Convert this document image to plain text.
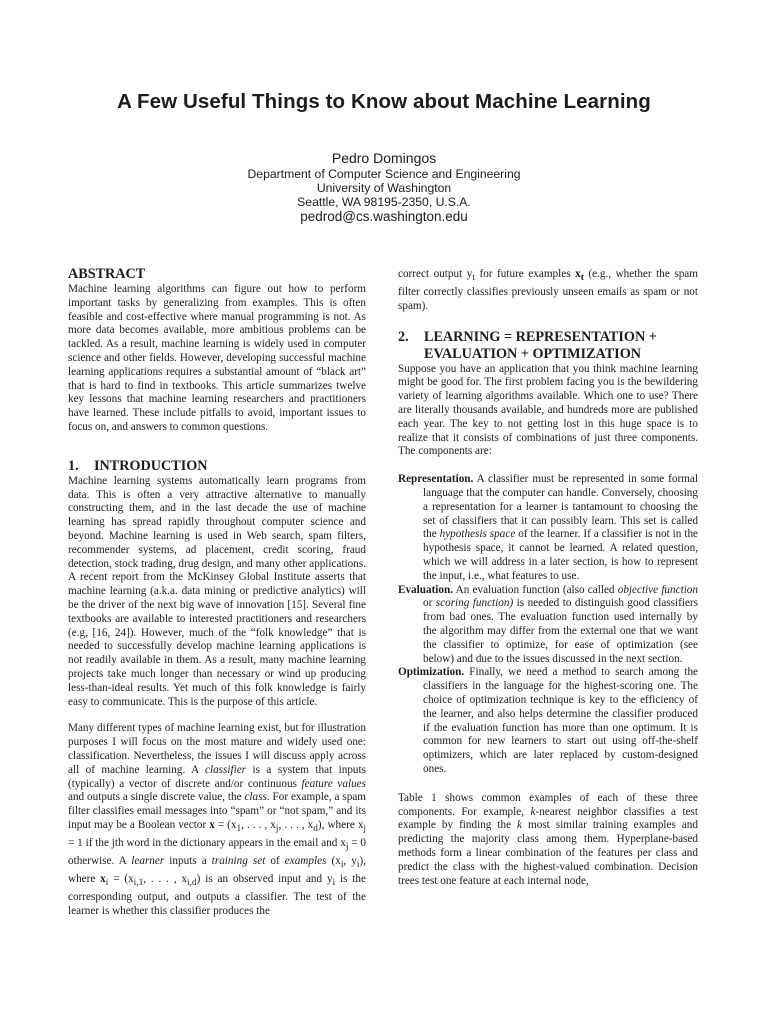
A Few Useful Things to Know about Machine Learning
Pedro Domingos
Department of Computer Science and Engineering
University of Washington
Seattle, WA 98195-2350, U.S.A.
pedrod@cs.washington.edu
ABSTRACT

Machine learning algorithms can figure out how to perform important tasks by generalizing from examples. This is often feasible and cost-effective where manual programming is not. As more data becomes available, more ambitious problems can be tackled. As a result, machine learning is widely used in computer science and other fields. However, developing successful machine learning applications requires a substantial amount of “black art” that is hard to find in textbooks. This article summarizes twelve key lessons that machine learning researchers and practitioners have learned. These include pitfalls to avoid, important issues to focus on, and answers to common questions.

1. INTRODUCTION

Machine learning systems automatically learn programs from data. This is often a very attractive alternative to manually constructing them, and in the last decade the use of machine learning has spread rapidly throughout computer science and beyond. Machine learning is used in Web search, spam filters, recommender systems, ad placement, credit scoring, fraud detection, stock trading, drug design, and many other applications. A recent report from the McKinsey Global Institute asserts that machine learning (a.k.a. data mining or predictive analytics) will be the driver of the next big wave of innovation [15]. Several fine textbooks are available to interested practitioners and researchers (e.g, [16, 24]). However, much of the “folk knowledge” that is needed to successfully develop machine learning applications is not readily available in them. As a result, many machine learning projects take much longer than necessary or wind up producing less-than-ideal results. Yet much of this folk knowledge is fairly easy to communicate. This is the purpose of this article.

Many different types of machine learning exist, but for illustration purposes I will focus on the most mature and widely used one: classification. Nevertheless, the issues I will discuss apply across all of machine learning. A classifier is a system that inputs (typically) a vector of discrete and/or continuous feature values and outputs a single discrete value, the class. For example, a spam filter classifies email messages into “spam” or “not spam,” and its input may be a Boolean vector $x = (x_1$, . . . , $x_j$, . . . , $x_d$), where $x_j = 1$ if the jth word in the dictionary appears in the email and $x_j = 0$ otherwise. A learner inputs a training set of examples ($x_i$, $y_i$), where $x_i = (x_{i,1}$, . . . , $x_{i,d}$) is an observed input and $y_i$ is the corresponding output, and outputs a classifier. The test of the learner is whether this classifier produces the

correct output $y_t$ for future examples $x_t$ (e.g., whether the spam filter correctly classifies previously unseen emails as spam or not spam).

2. LEARNING = REPRESENTATION +
EVALUATION + OPTIMIZATION

Suppose you have an application that you think machine learning might be good for. The first problem facing you is the bewildering variety of learning algorithms available. Which one to use? There are literally thousands available, and hundreds more are published each year. The key to not getting lost in this huge space is to realize that it consists of combinations of just three components. The components are:

Representation. A classifier must be represented in some formal language that the computer can handle. Conversely, choosing a representation for a learner is tantamount to choosing the set of classifiers that it can possibly learn. This set is called the hypothesis space of the learner. If a classifier is not in the hypothesis space, it cannot be learned. A related question, which we will address in a later section, is how to represent the input, i.e., what features to use.

Evaluation. An evaluation function (also called objective function or scoring function) is needed to distinguish good classifiers from bad ones. The evaluation function used internally by the algorithm may differ from the external one that we want the classifier to optimize, for ease of optimization (see below) and due to the issues discussed in the next section.

Optimization. Finally, we need a method to search among the classifiers in the language for the highest-scoring one. The choice of optimization technique is key to the efficiency of the learner, and also helps determine the classifier produced if the evaluation function has more than one optimum. It is common for new learners to start out using off-the-shelf optimizers, which are later replaced by custom-designed ones.

Table 1 shows common examples of each of these three components. For example, k-nearest neighbor classifies a test example by finding the k most similar training examples and predicting the majority class among them. Hyperplane-based methods form a linear combination of the features per class and predict the class with the highest-valued combination. Decision trees test one feature at each internal node,
